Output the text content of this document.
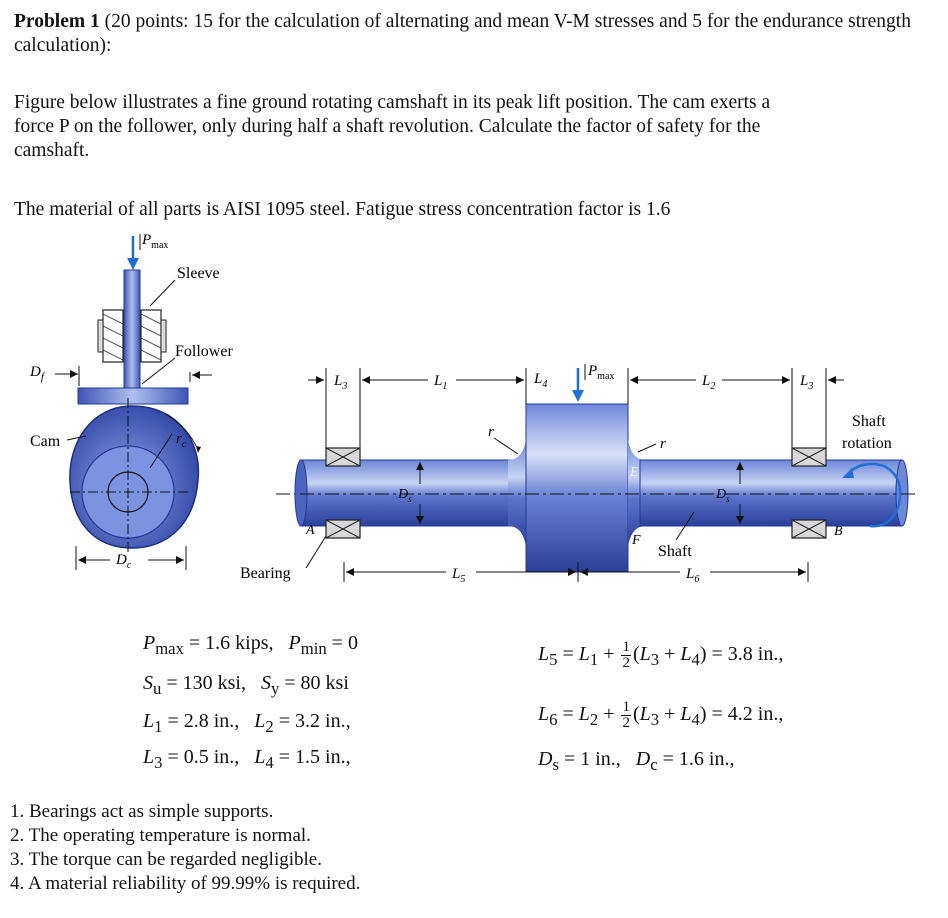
Problem 1 (20 points: 15 for the calculation of alternating and mean V-M stresses and 5 for the endurance strength calculation):
Figure below illustrates a fine ground rotating camshaft in its peak lift position. The cam exerts a
force P on the follower, only during half a shaft revolution. Calculate the factor of safety for the
camshaft.
The material of all parts is AISI 1095 steel. Fatigue stress concentration factor is 1.6
$P_{max}$
Sleeve
Follower
$D_f$
$r_c$
Cam
$D_c$
$L_3$	$L_1$	$L_4$
$P_{max}$	$L_2$	$L_3$
Shaft
rotation
r
r
E
$D_s$	$D_s$
A	B
F
Shaft
Bearing	$L_5$	$L_6$
$P_{max} = 1.6$ kips,   $P_{min} = 0$
$S_u = 130$ ksi,   $S_y = 80$ ksi
$L_1 = 2.8$ in.,   $L_2 = 3.2$ in.,
$L_3 = 0.5$ in.,   $L_4 = 1.5$ in.,
$L_5 = L_1 + \frac{1}{2} (L_3 + L_4) = 3.8$ in.,
$L_6 = L_2 + \frac{1}{2} (L_3 + L_4) = 4.2$ in.,
$D_s = 1$ in.,   $D_c = 1.6$ in.,
1. Bearings act as simple supports.
2. The operating temperature is normal.
3. The torque can be regarded negligible.
4. A material reliability of 99.99% is required.
